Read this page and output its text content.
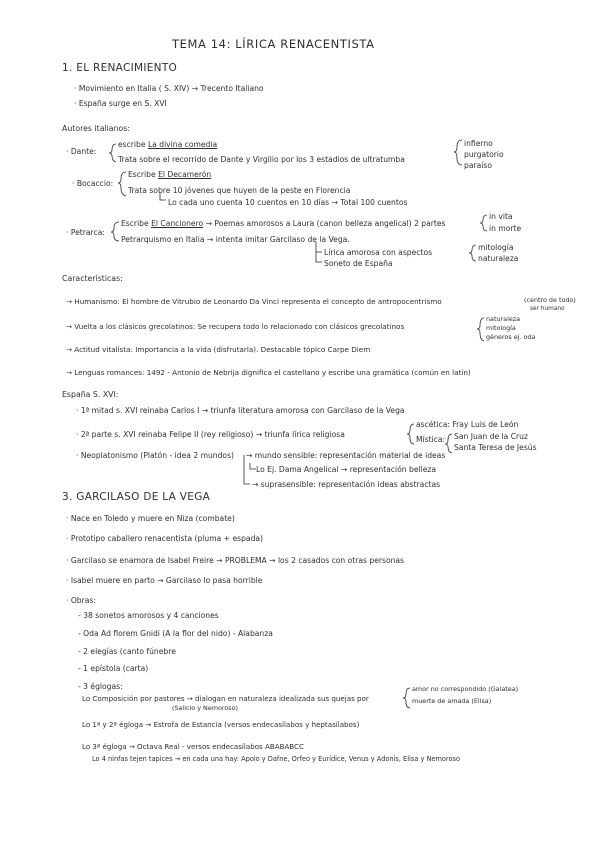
TEMA 14: LÍRICA RENACENTISTA
1. EL RENACIMIENTO
· Movimiento en Italia ( S. XIV) → Trecento Italiano
· España surge en S. XVI
Autores italianos:
· Dante:
escribe La divina comedia
Trata sobre el recorrido de Dante y Virgilio por los 3 estadios de ultratumba
infierno
purgatorio
paraíso
· Bocaccio:
Escribe El Decamerón
Trata sobre 10 jóvenes que huyen de la peste en Florencia
Lo cada uno cuenta 10 cuentos en 10 días → Total 100 cuentos
· Petrarca:
Escribe El Cancionero → Poemas amorosos a Laura (canon belleza angelical) 2 partes
in vita
in morte
Petrarquismo en Italia → intenta imitar Garcilaso de la Vega.
Lírica amorosa con aspectos
Soneto de España
mitología
naturaleza
Características:
→ Humanismo: El hombre de Vitrubio de Leonardo Da Vinci representa el concepto de antropocentrismo	(centro de todo)
ser humano
→ Vuelta a los clásicos grecolatinos: Se recupera todo lo relacionado con clásicos grecolatinos
naturaleza
mitología
géneros ej. oda
→ Actitud vitalista: Importancia a la vida (disfrutarla). Destacable tópico Carpe Diem
→ Lenguas romances: 1492 - Antonio de Nebrija dignifica el castellano y escribe una gramática (común en latín)
España S. XVI:
· 1ª mitad s. XVI reinaba Carlos I → triunfa literatura amorosa con Garcilaso de la Vega
· 2ª parte s. XVI reinaba Felipe II (rey religioso) → triunfa lírica religiosa
ascética: Fray Luis de León
Mística: San Juan de la Cruz
Santa Teresa de Jesús
· Neoplatonismo (Platón - idea 2 mundos) → mundo sensible: representación material de ideas
Lo Ej. Dama Angelical → representación belleza
→ suprasensible: representación ideas abstractas
3. GARCILASO DE LA VEGA
· Nace en Toledo y muere en Niza (combate)
· Prototipo caballero renacentista (pluma + espada)
· Garcilaso se enamora de Isabel Freire → PROBLEMA → los 2 casados con otras personas
· Isabel muere en parto → Garcilaso lo pasa horrible
· Obras:
- 38 sonetos amorosos y 4 canciones
- Oda Ad florem Gnidi (A la flor del nido) - Alabanza
- 2 elegías (canto fúnebre
- 1 epístola (carta)
- 3 églogas:
Lo Composición por pastores → dialogan en naturaleza idealizada sus quejas por
(Salicio y Nemoroso)
amor no correspondido (Galatea)
muerte de amada (Elisa)
Lo 1ª y 2ª égloga → Estrofa de Estancia (versos endecasílabos y heptasílabos)
Lo 3ª égloga → Octava Real - versos endecasílabos ABABABCC
Lo 4 ninfas tejen tapices → en cada una hay: Apolo y Dafne, Orfeo y Eurídice, Venus y Adonis, Elisa y Nemoroso
